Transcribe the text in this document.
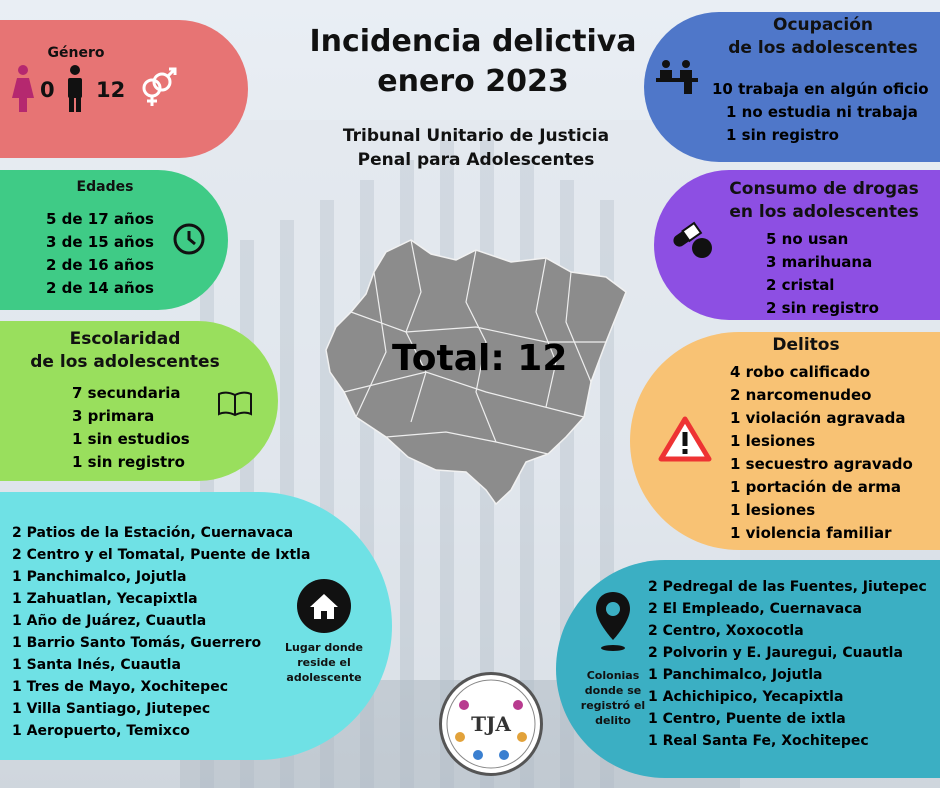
Incidencia delictiva
enero 2023
Tribunal Unitario de Justicia
Penal para Adolescentes
Total: 12
Género
0 12
Edades
5 de 17 años
3 de 15 años
2 de 16 años
2 de 14 años
Escolaridad
de los adolescentes
7 secundaria
3 primara
1 sin estudios
1 sin registro
2 Patios de la Estación, Cuernavaca
2 Centro y el Tomatal, Puente de Ixtla
1 Panchimalco, Jojutla
1 Zahuatlan, Yecapixtla
1 Año de Juárez, Cuautla
1 Barrio Santo Tomás, Guerrero
1 Santa Inés, Cuautla
1 Tres de Mayo, Xochitepec
1 Villa Santiago, Jiutepec
1 Aeropuerto, Temixco
Lugar donde
reside el
adolescente
Ocupación
de los adolescentes
10 trabaja en algún oficio
1 no estudia ni trabaja
1 sin registro
Consumo de drogas
en los adolescentes
5 no usan
3 marihuana
2 cristal
2 sin registro
Delitos
4 robo calificado
2 narcomenudeo
1 violación agravada
1 lesiones
1 secuestro agravado
1 portación de arma
1 lesiones
1 violencia familiar
Colonias
donde se
registró el
delito
2 Pedregal de las Fuentes, Jiutepec
2 El Empleado, Cuernavaca
2 Centro, Xoxocotla
2 Polvorin y E. Jauregui, Cuautla
1 Panchimalco, Jojutla
1 Achichipico, Yecapixtla
1 Centro, Puente de ixtla
1 Real Santa Fe, Xochitepec
TJA
